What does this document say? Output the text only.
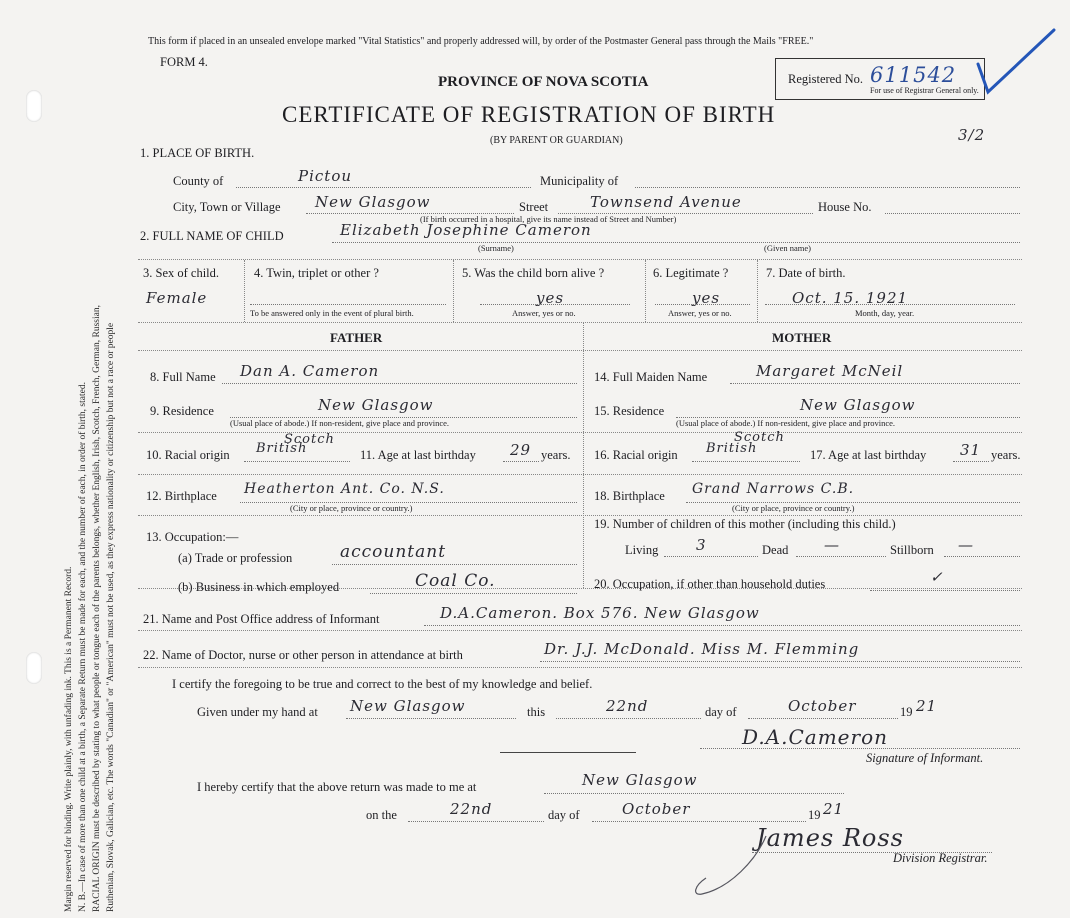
Margin reserved for binding. Write plainly, with unfading ink. This is a Permanent Record. N. B.—In case of more than one child at a birth, a Separate Return must be made for each, and the number of each, in order of birth, stated. RACIAL ORIGIN must be described by stating to what people or tongue each of the parents belongs, whether English, Irish, Scotch, French, German, Russian, Ruthenian, Slovak, Galician, etc. The words "Canadian" or "American" must not be used, as they express nationality or citizenship but not a race or people
This form if placed in an unsealed envelope marked "Vital Statistics" and properly addressed will, by order of the Postmaster General pass through the Mails "FREE."
FORM 4.
PROVINCE OF NOVA SCOTIA
CERTIFICATE OF REGISTRATION OF BIRTH
(BY PARENT OR GUARDIAN)
Registered No. 611542
For use of Registrar General only.
3/2
1. PLACE OF BIRTH.
County of	Pictou	Municipality of
City, Town or Village New Glasgow	Street	Townsend Avenue	House No.
(If birth occurred in a hospital, give its name instead of Street and Number)
2. FULL NAME OF CHILD	Elizabeth Josephine Cameron
(Surname)	(Given name)
3. Sex of child.
Female
4. Twin, triplet or other ?
To be answered only in the event of plural birth.
5. Was the child born alive ?
yes
Answer, yes or no.
6. Legitimate ?
yes
Answer, yes or no.
7. Date of birth.
Oct. 15. 1921
Month, day, year.
FATHER	MOTHER
8. Full Name Dan A. Cameron
9. Residence	New Glasgow
(Usual place of abode.) If non-resident, give place and province.
10. Racial origin British
Scotch
11. Age at last birthday 29 years.
12. Birthplace Heatherton Ant. Co. N.S.
(City or place, province or country.)
13. Occupation:—
(a) Trade or profession	accountant
(b) Business in which employed	Coal Co.
14. Full Maiden Name	Margaret McNeil
15. Residence	New Glasgow
(Usual place of abode.) If non-resident, give place and province.
16. Racial origin British
Scotch
17. Age at last birthday 31 years.
18. Birthplace Grand Narrows C.B.
(City or place, province or country.)
19. Number of children of this mother (including this child.)
Living	3	Dead —	Stillborn —
20. Occupation, if other than household duties	✓
21. Name and Post Office address of Informant	D.A.Cameron. Box 576. New Glasgow
22. Name of Doctor, nurse or other person in attendance at birth	Dr. J.J. McDonald. Miss M. Flemming
I certify the foregoing to be true and correct to the best of my knowledge and belief.
Given under my hand at New Glasgow	this	22nd	day of	October	19 21
D.A.Cameron
Signature of Informant.
I hereby certify that the above return was made to me at	New Glasgow
on the	22nd	day of	October	19 21
James Ross
Division Registrar.
